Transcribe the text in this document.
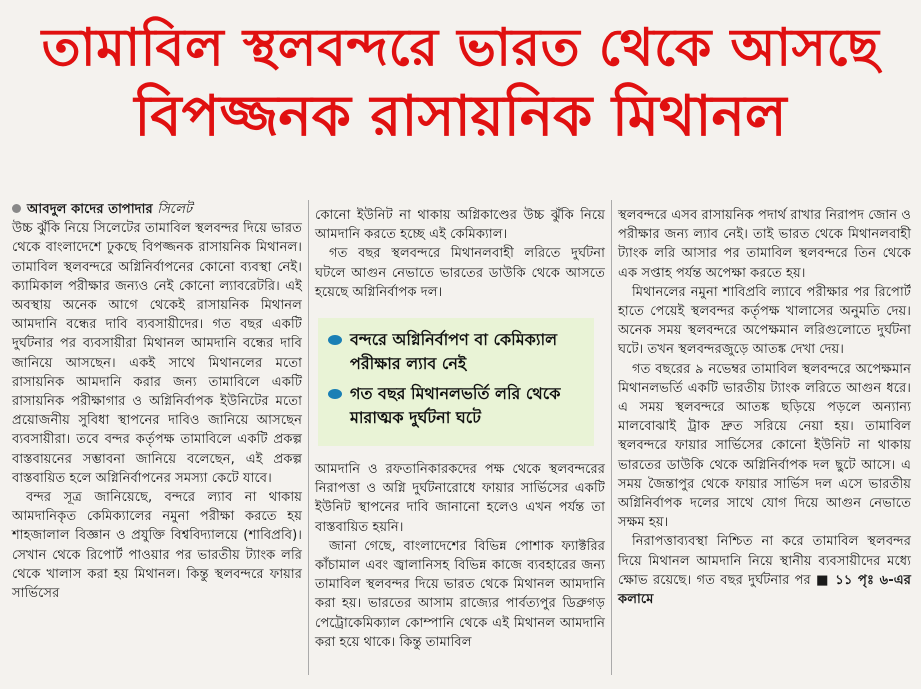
তামাবিল স্থলবন্দরে ভারত থেকে আসছে
বিপজ্জনক রাসায়নিক মিথানল

আবদুল কাদের তাপাদার সিলেট

উচ্চ ঝুঁকি নিয়ে সিলেটের তামাবিল স্থলবন্দর দিয়ে ভারত থেকে বাংলাদেশে ঢুকছে বিপজ্জনক রাসায়নিক মিথানল। তামাবিল স্থলবন্দরে অগ্নিনির্বাপনের কোনো ব্যবস্থা নেই। ক্যামিকাল পরীক্ষার জন্যও নেই কোনো ল্যাবরেটরি। এই অবস্থায় অনেক আগে থেকেই রাসায়নিক মিথানল আমদানি বন্ধের দাবি ব্যবসায়ীদের। গত বছর একটি দুর্ঘটনার পর ব্যবসায়ীরা মিথানল আমদানি বন্ধের দাবি জানিয়ে আসছেন। একই সাথে মিথানলের মতো রাসায়নিক আমদানি করার জন্য তামাবিলে একটি রাসায়নিক পরীক্ষাগার ও অগ্নিনির্বাপক ইউনিটের মতো প্রয়োজনীয় সুবিধা স্থাপনের দাবিও জানিয়ে আসছেন ব্যবসায়ীরা। তবে বন্দর কর্তৃপক্ষ তামাবিলে একটি প্রকল্প বাস্তবায়নের সম্ভাবনা জানিয়ে বলেছেন, এই প্রকল্প বাস্তবায়িত হলে অগ্নিনির্বাপনের সমস্যা কেটে যাবে।

বন্দর সূত্র জানিয়েছে, বন্দরে ল্যাব না থাকায় আমদানিকৃত কেমিক্যালের নমুনা পরীক্ষা করতে হয় শাহজালাল বিজ্ঞান ও প্রযুক্তি বিশ্ববিদ্যালয়ে (শাবিপ্রবি)। সেখান থেকে রিপোর্ট পাওয়ার পর ভারতীয় ট্যাংক লরি থেকে খালাস করা হয় মিথানল। কিন্তু স্থলবন্দরে ফায়ার সার্ভিসের

কোনো ইউনিট না থাকায় অগ্নিকাণ্ডের উচ্চ ঝুঁকি নিয়ে আমদানি করতে হচ্ছে এই কেমিক্যাল।

গত বছর স্থলবন্দরে মিথানলবাহী লরিতে দুর্ঘটনা ঘটলে আগুন নেভাতে ভারতের ডাউকি থেকে আসতে হয়েছে অগ্নিনির্বাপক দল।

বন্দরে অগ্নিনির্বাপণ বা কেমিক্যাল পরীক্ষার ল্যাব নেই
গত বছর মিথানলভর্তি লরি থেকে মারাত্মক দুর্ঘটনা ঘটে

আমদানি ও রফতানিকারকদের পক্ষ থেকে স্থলবন্দরের নিরাপত্তা ও অগ্নি দুর্ঘটনারোধে ফায়ার সার্ভিসের একটি ইউনিট স্থাপনের দাবি জানানো হলেও এখন পর্যন্ত তা বাস্তবায়িত হয়নি।

জানা গেছে, বাংলাদেশের বিভিন্ন পোশাক ফ্যাক্টরির কাঁচামাল এবং জ্বালানিসহ বিভিন্ন কাজে ব্যবহারের জন্য তামাবিল স্থলবন্দর দিয়ে ভারত থেকে মিথানল আমদানি করা হয়। ভারতের আসাম রাজ্যের পার্বত্যপুর ডিব্রুগড় পেট্রোকেমিক্যাল কোম্পানি থেকে এই মিথানল আমদানি করা হয়ে থাকে। কিন্তু তামাবিল

স্থলবন্দরে এসব রাসায়নিক পদার্থ রাখার নিরাপদ জোন ও পরীক্ষার জন্য ল্যাব নেই। তাই ভারত থেকে মিথানলবাহী ট্যাংক লরি আসার পর তামাবিল স্থলবন্দরে তিন থেকে এক সপ্তাহ পর্যন্ত অপেক্ষা করতে হয়।

মিথানলের নমুনা শাবিপ্রবি ল্যাবে পরীক্ষার পর রিপোর্ট হাতে পেয়েই স্থলবন্দর কর্তৃপক্ষ খালাসের অনুমতি দেয়। অনেক সময় স্থলবন্দরে অপেক্ষমান লরিগুলোতে দুর্ঘটনা ঘটে। তখন স্থলবন্দরজুড়ে আতঙ্ক দেখা দেয়।

গত বছরের ৯ নভেম্বর তামাবিল স্থলবন্দরে অপেক্ষমান মিথানলভর্তি একটি ভারতীয় ট্যাংক লরিতে আগুন ধরে। এ সময় স্থলবন্দরে আতঙ্ক ছড়িয়ে পড়লে অন্যান্য মালবোঝাই ট্রাক দ্রুত সরিয়ে নেয়া হয়। তামাবিল স্থলবন্দরে ফায়ার সার্ভিসের কোনো ইউনিট না থাকায় ভারতের ডাউকি থেকে অগ্নিনির্বাপক দল ছুটে আসে। এ সময় জৈন্তাপুর থেকে ফায়ার সার্ভিস দল এসে ভারতীয় অগ্নিনির্বাপক দলের সাথে যোগ দিয়ে আগুন নেভাতে সক্ষম হয়।

নিরাপত্তাব্যবস্থা নিশ্চিত না করে তামাবিল স্থলবন্দর দিয়ে মিথানল আমদানি নিয়ে স্থানীয় ব্যবসায়ীদের মধ্যে ক্ষোভ রয়েছে। গত বছর দুর্ঘটনার পর ■ ১১ পৃঃ ৬-এর কলামে
